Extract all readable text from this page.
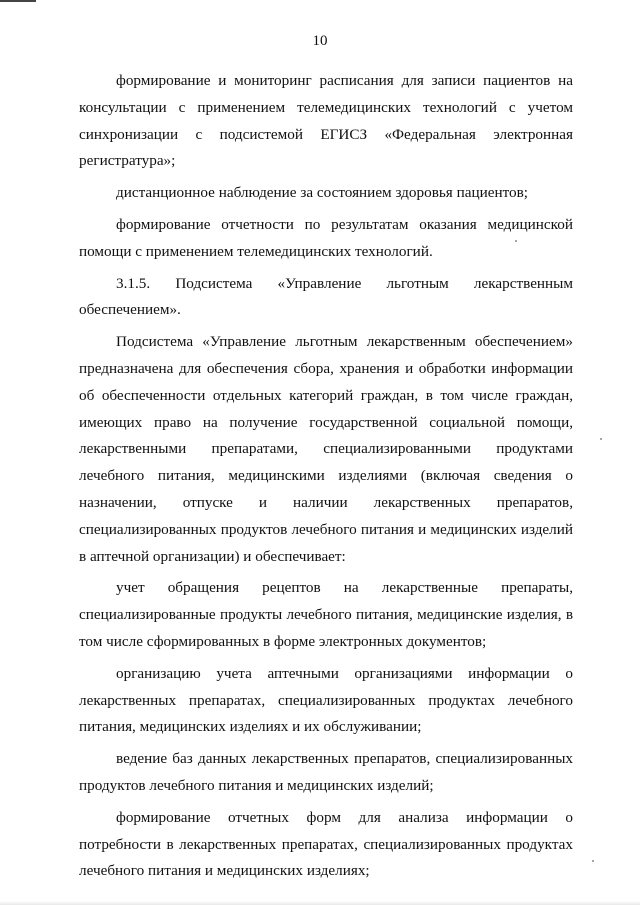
10

формирование и мониторинг расписания для записи пациентов на консультации с применением телемедицинских технологий с учетом синхронизации с подсистемой ЕГИСЗ «Федеральная электронная регистратура»;

дистанционное наблюдение за состоянием здоровья пациентов;

формирование отчетности по результатам оказания медицинской помощи с применением телемедицинских технологий.

3.1.5. Подсистема «Управление льготным лекарственным обеспечением».

Подсистема «Управление льготным лекарственным обеспечением» предназначена для обеспечения сбора, хранения и обработки информации об обеспеченности отдельных категорий граждан, в том числе граждан, имеющих право на получение государственной социальной помощи, лекарственными препаратами, специализированными продуктами лечебного питания, медицинскими изделиями (включая сведения о назначении, отпуске и наличии лекарственных препаратов, специализированных продуктов лечебного питания и медицинских изделий в аптечной организации) и обеспечивает:

учет обращения рецептов на лекарственные препараты, специализированные продукты лечебного питания, медицинские изделия, в том числе сформированных в форме электронных документов;

организацию учета аптечными организациями информации о лекарственных препаратах, специализированных продуктах лечебного питания, медицинских изделиях и их обслуживании;

ведение баз данных лекарственных препаратов, специализированных продуктов лечебного питания и медицинских изделий;

формирование отчетных форм для анализа информации о потребности в лекарственных препаратах, специализированных продуктах лечебного питания и медицинских изделиях;
